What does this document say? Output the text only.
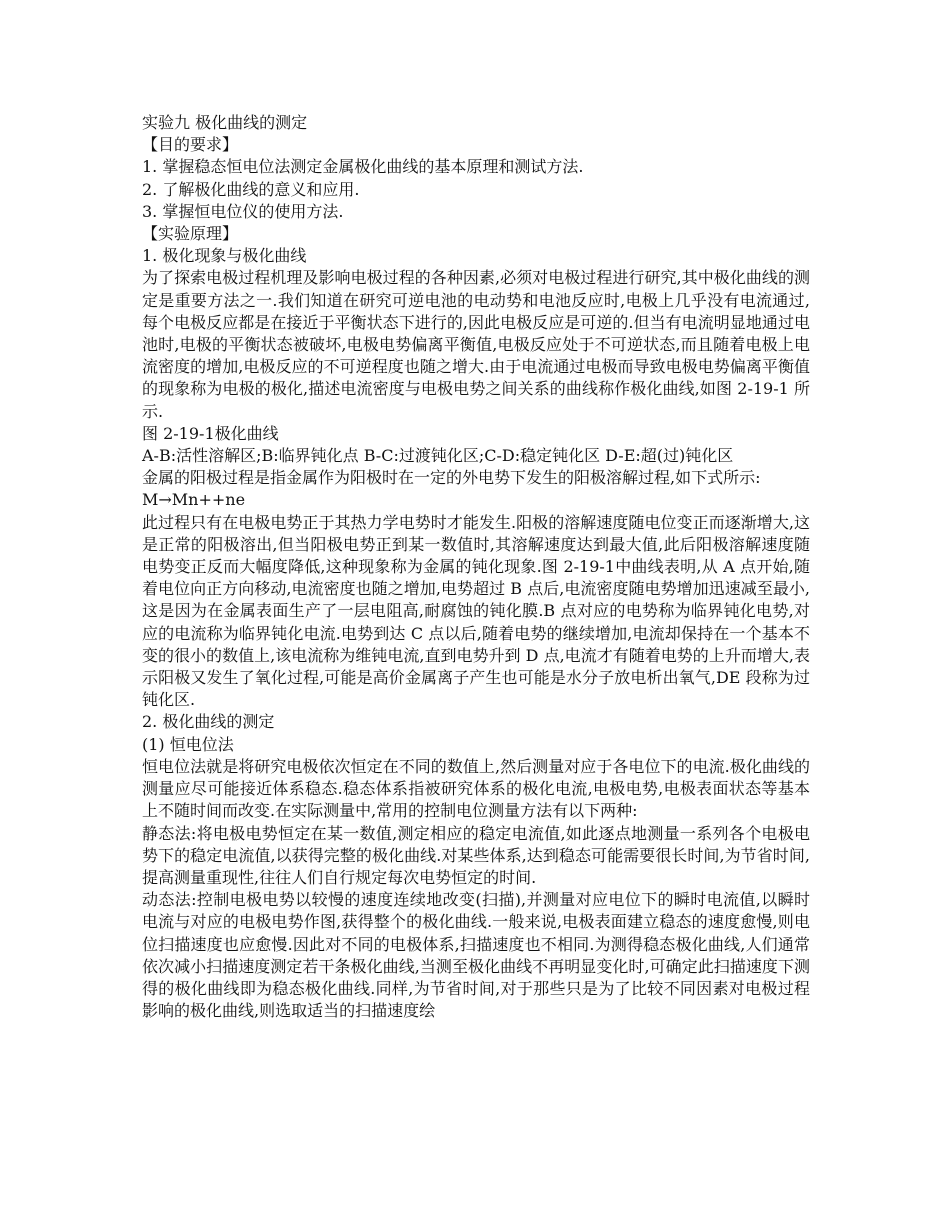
实验九 极化曲线的测定
【目的要求】
1. 掌握稳态恒电位法测定金属极化曲线的基本原理和测试方法.
2. 了解极化曲线的意义和应用.
3. 掌握恒电位仪的使用方法.
【实验原理】
1. 极化现象与极化曲线
为了探索电极过程机理及影响电极过程的各种因素,必须对电极过程进行研究,其中极化曲线的测定是重要方法之一.我们知道在研究可逆电池的电动势和电池反应时,电极上几乎没有电流通过,每个电极反应都是在接近于平衡状态下进行的,因此电极反应是可逆的.但当有电流明显地通过电池时,电极的平衡状态被破坏,电极电势偏离平衡值,电极反应处于不可逆状态,而且随着电极上电流密度的增加,电极反应的不可逆程度也随之增大.由于电流通过电极而导致电极电势偏离平衡值的现象称为电极的极化,描述电流密度与电极电势之间关系的曲线称作极化曲线,如图 2-19-1 所示.
图 2-19-1极化曲线
A-B:活性溶解区;B:临界钝化点 B-C:过渡钝化区;C-D:稳定钝化区 D-E:超(过)钝化区
金属的阳极过程是指金属作为阳极时在一定的外电势下发生的阳极溶解过程,如下式所示:
M→Mn++ne
此过程只有在电极电势正于其热力学电势时才能发生.阳极的溶解速度随电位变正而逐渐增大,这是正常的阳极溶出,但当阳极电势正到某一数值时,其溶解速度达到最大值,此后阳极溶解速度随电势变正反而大幅度降低,这种现象称为金属的钝化现象.图 2-19-1中曲线表明,从 A 点开始,随着电位向正方向移动,电流密度也随之增加,电势超过 B 点后,电流密度随电势增加迅速减至最小,这是因为在金属表面生产了一层电阻高,耐腐蚀的钝化膜.B 点对应的电势称为临界钝化电势,对应的电流称为临界钝化电流.电势到达 C 点以后,随着电势的继续增加,电流却保持在一个基本不变的很小的数值上,该电流称为维钝电流,直到电势升到 D 点,电流才有随着电势的上升而增大,表示阳极又发生了氧化过程,可能是高价金属离子产生也可能是水分子放电析出氧气,DE 段称为过钝化区.
2. 极化曲线的测定
(1) 恒电位法
恒电位法就是将研究电极依次恒定在不同的数值上,然后测量对应于各电位下的电流.极化曲线的测量应尽可能接近体系稳态.稳态体系指被研究体系的极化电流,电极电势,电极表面状态等基本上不随时间而改变.在实际测量中,常用的控制电位测量方法有以下两种:
静态法:将电极电势恒定在某一数值,测定相应的稳定电流值,如此逐点地测量一系列各个电极电势下的稳定电流值,以获得完整的极化曲线.对某些体系,达到稳态可能需要很长时间,为节省时间,提高测量重现性,往往人们自行规定每次电势恒定的时间.
动态法:控制电极电势以较慢的速度连续地改变(扫描),并测量对应电位下的瞬时电流值,以瞬时电流与对应的电极电势作图,获得整个的极化曲线.一般来说,电极表面建立稳态的速度愈慢,则电位扫描速度也应愈慢.因此对不同的电极体系,扫描速度也不相同.为测得稳态极化曲线,人们通常依次减小扫描速度测定若干条极化曲线,当测至极化曲线不再明显变化时,可确定此扫描速度下测得的极化曲线即为稳态极化曲线.同样,为节省时间,对于那些只是为了比较不同因素对电极过程影响的极化曲线,则选取适当的扫描速度绘
